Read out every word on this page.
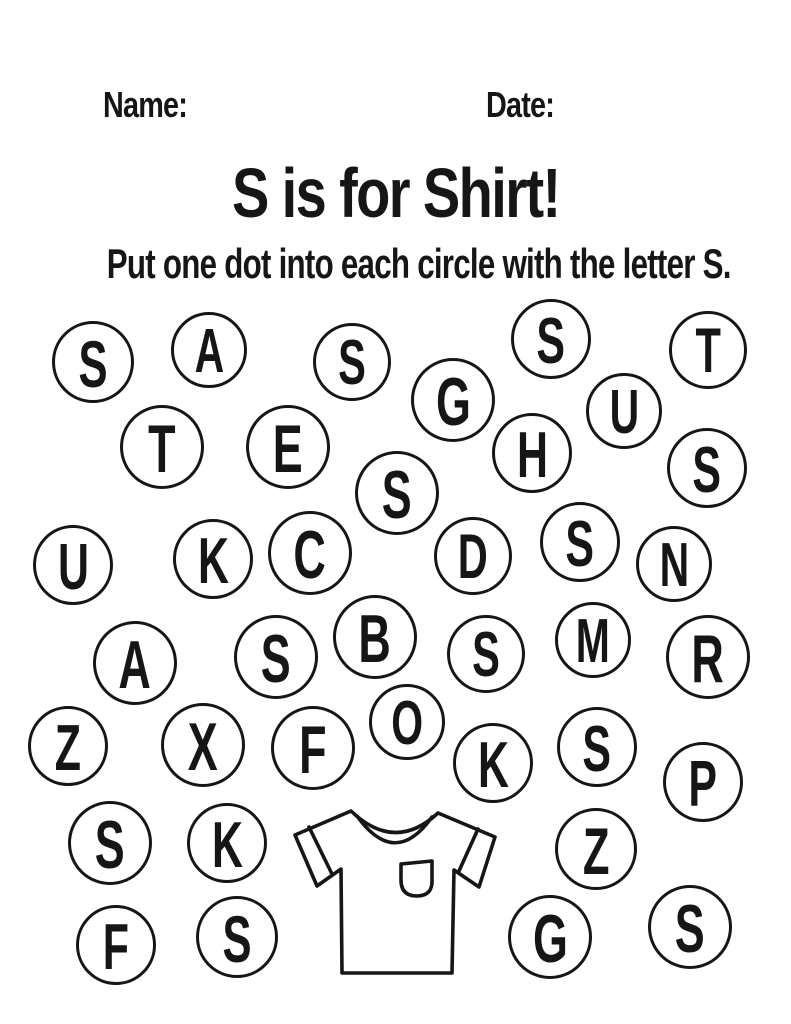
Name:	Date:
S is for Shirt!
Put one dot into each circle with the letter S.
S A S	S T
G U
T E	H S
S
C D S N
U K
A S B S M R
Z X F O
K S P
S K	Z
F S	G S
